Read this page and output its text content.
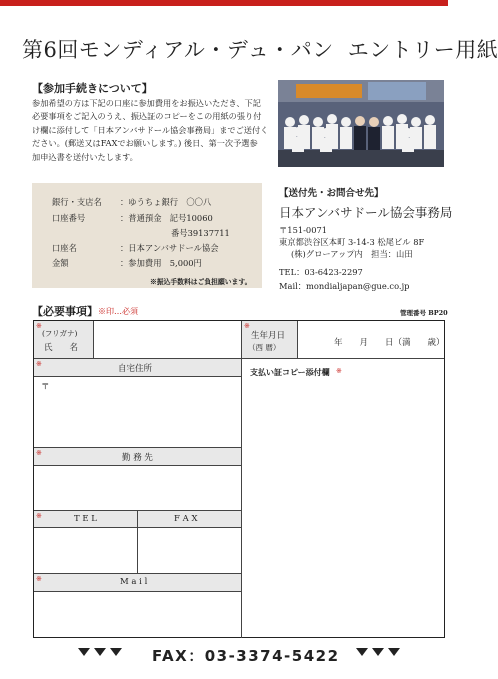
第6回モンディアル・デュ・パン エントリー用紙
【参加手続きについて】
参加希望の方は下記の口座に参加費用をお振込いただき、下記
必要事項をご記入のうえ、振込証のコピーをこの用紙の張り付
け欄に添付して「日本アンバサドール協会事務局」までご送付く
ださい。(郵送又はFAXでお願いします。) 後日、第一次予選参
加申込書を送付いたします。
銀行・支店名 ：ゆうちょ銀行　〇〇八
口座番号	：普通預金　記号10060
番号39137711
口座名	：日本アンバサドール協会
金額	：参加費用　5,000円
※振込手数料はご負担願います。
【送付先・お問合せ先】
日本アンバサドール協会事務局
〒151-0071
東京都渋谷区本町 3-14-3 松尾ビル 8F
(株)グローアップ内　担当：山田
TEL：03-6423-2297
Mail：mondialjapan@gue.co.jp
【必要事項】 ※印…必須	管理番号 BP20
※
(フリガナ)
氏　　名
※
生年月日
（西 暦）	年　　月　　日（満　　歳）
※	自宅住所
〒
支払い証コピー添付欄 ※
※	勤 務 先
※	T E L	F A X
※	M a i l
FAX：03-3374-5422
